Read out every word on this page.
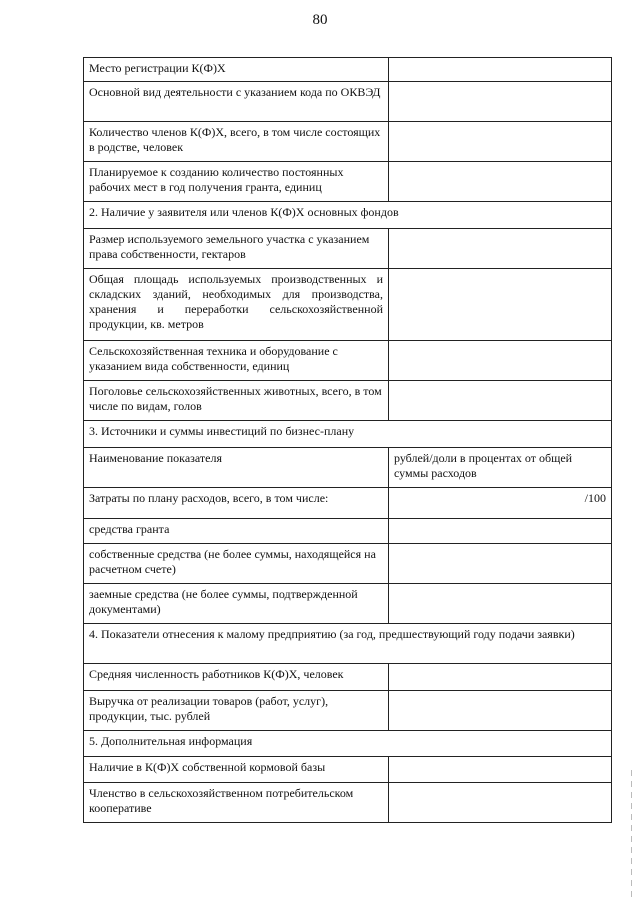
80
Место регистрации К(Ф)Х	
Основной вид деятельности с указанием кода по ОКВЭД	
Количество членов К(Ф)Х, всего, в том числе состоящих в родстве, человек	
Планируемое к созданию количество постоянных рабочих мест в год получения гранта, единиц	
2. Наличие у заявителя или членов К(Ф)Х основных фондов	
Размер используемого земельного участка с указанием права собственности, гектаров	
Общая площадь используемых производственных и складских зданий, необходимых для производства, хранения и переработки сельскохозяйственной продукции, кв. метров	
Сельскохозяйственная техника и оборудование с указанием вида собственности, единиц	
Поголовье сельскохозяйственных животных, всего, в том числе по видам, голов	
3. Источники и суммы инвестиций по бизнес-плану	
Наименование показателя	рублей/доли в процентах от общей суммы расходов
Затраты по плану расходов, всего, в том числе:	/100
средства гранта	
собственные средства (не более суммы, находящейся на расчетном счете)	
заемные средства (не более суммы, подтвержденной документами)	
4. Показатели отнесения к малому предприятию (за год, предшествующий году подачи заявки)	
Средняя численность работников К(Ф)Х, человек	
Выручка от реализации товаров (работ, услуг), продукции, тыс. рублей	
5. Дополнительная информация	
Наличие в К(Ф)Х собственной кормовой базы	
Членство в сельскохозяйственном потребительском кооперативе	
